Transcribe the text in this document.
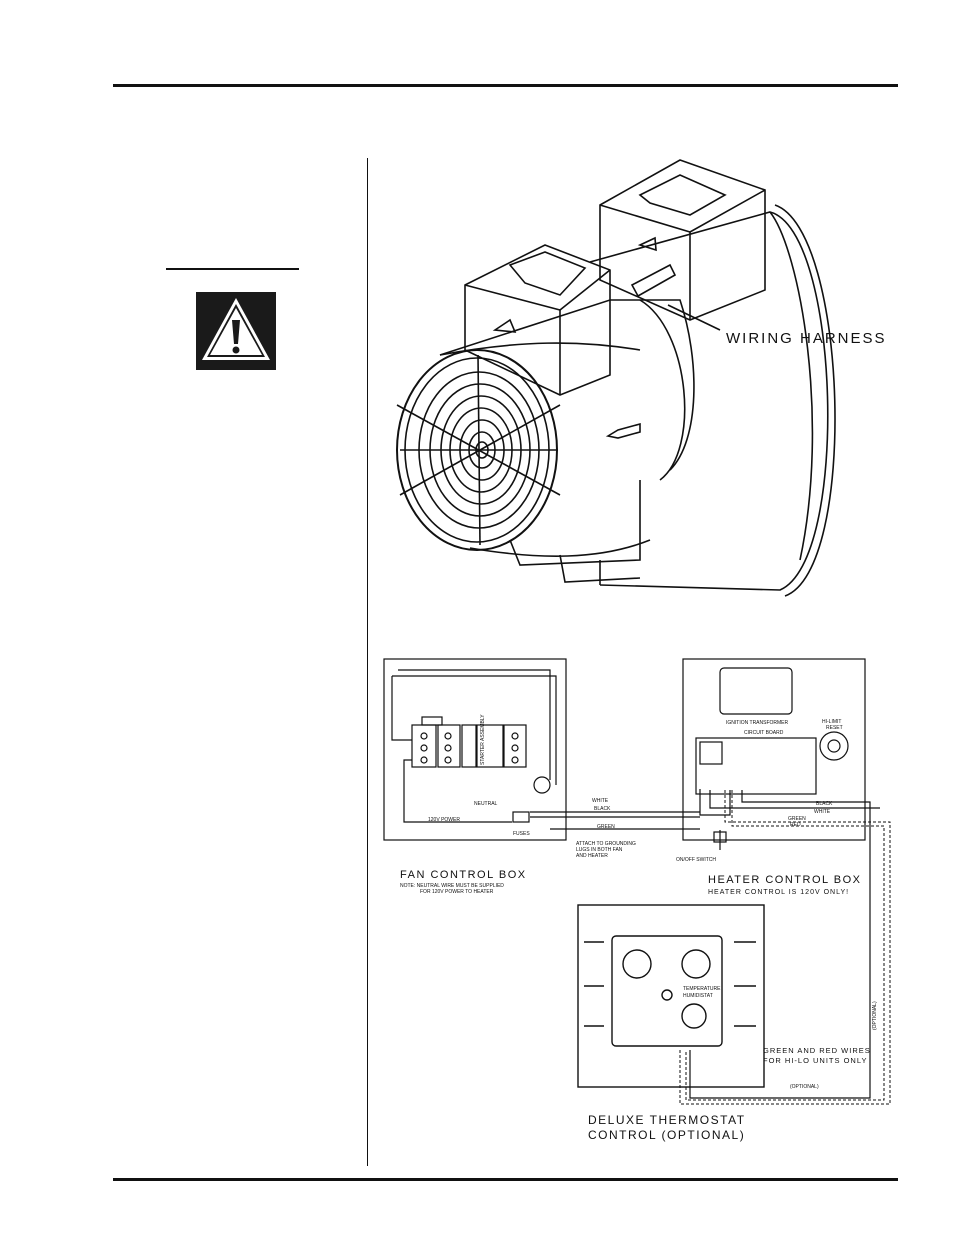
WIRING HARNESS
FAN CONTROL BOX
NOTE: NEUTRAL WIRE MUST BE SUPPLIED
FOR 120V POWER TO HEATER
STARTER ASSEMBLY
NEUTRAL
120V POWER
FUSES
WHITE
BLACK
GREEN
BLACK
WHITE
GREEN
RED
ATTACH TO GROUNDING
LUGS IN BOTH FAN
AND HEATER
ON/OFF SWITCH
IGNITION TRANSFORMER
CIRCUIT BOARD
HI-LIMIT
RESET
HEATER CONTROL BOX
HEATER CONTROL IS 120V ONLY!
TEMPERATURE
HUMIDISTAT
GREEN AND RED WIRES
FOR HI-LO UNITS ONLY
(OPTIONAL)
(OPTIONAL)
DELUXE THERMOSTAT
CONTROL (OPTIONAL)
